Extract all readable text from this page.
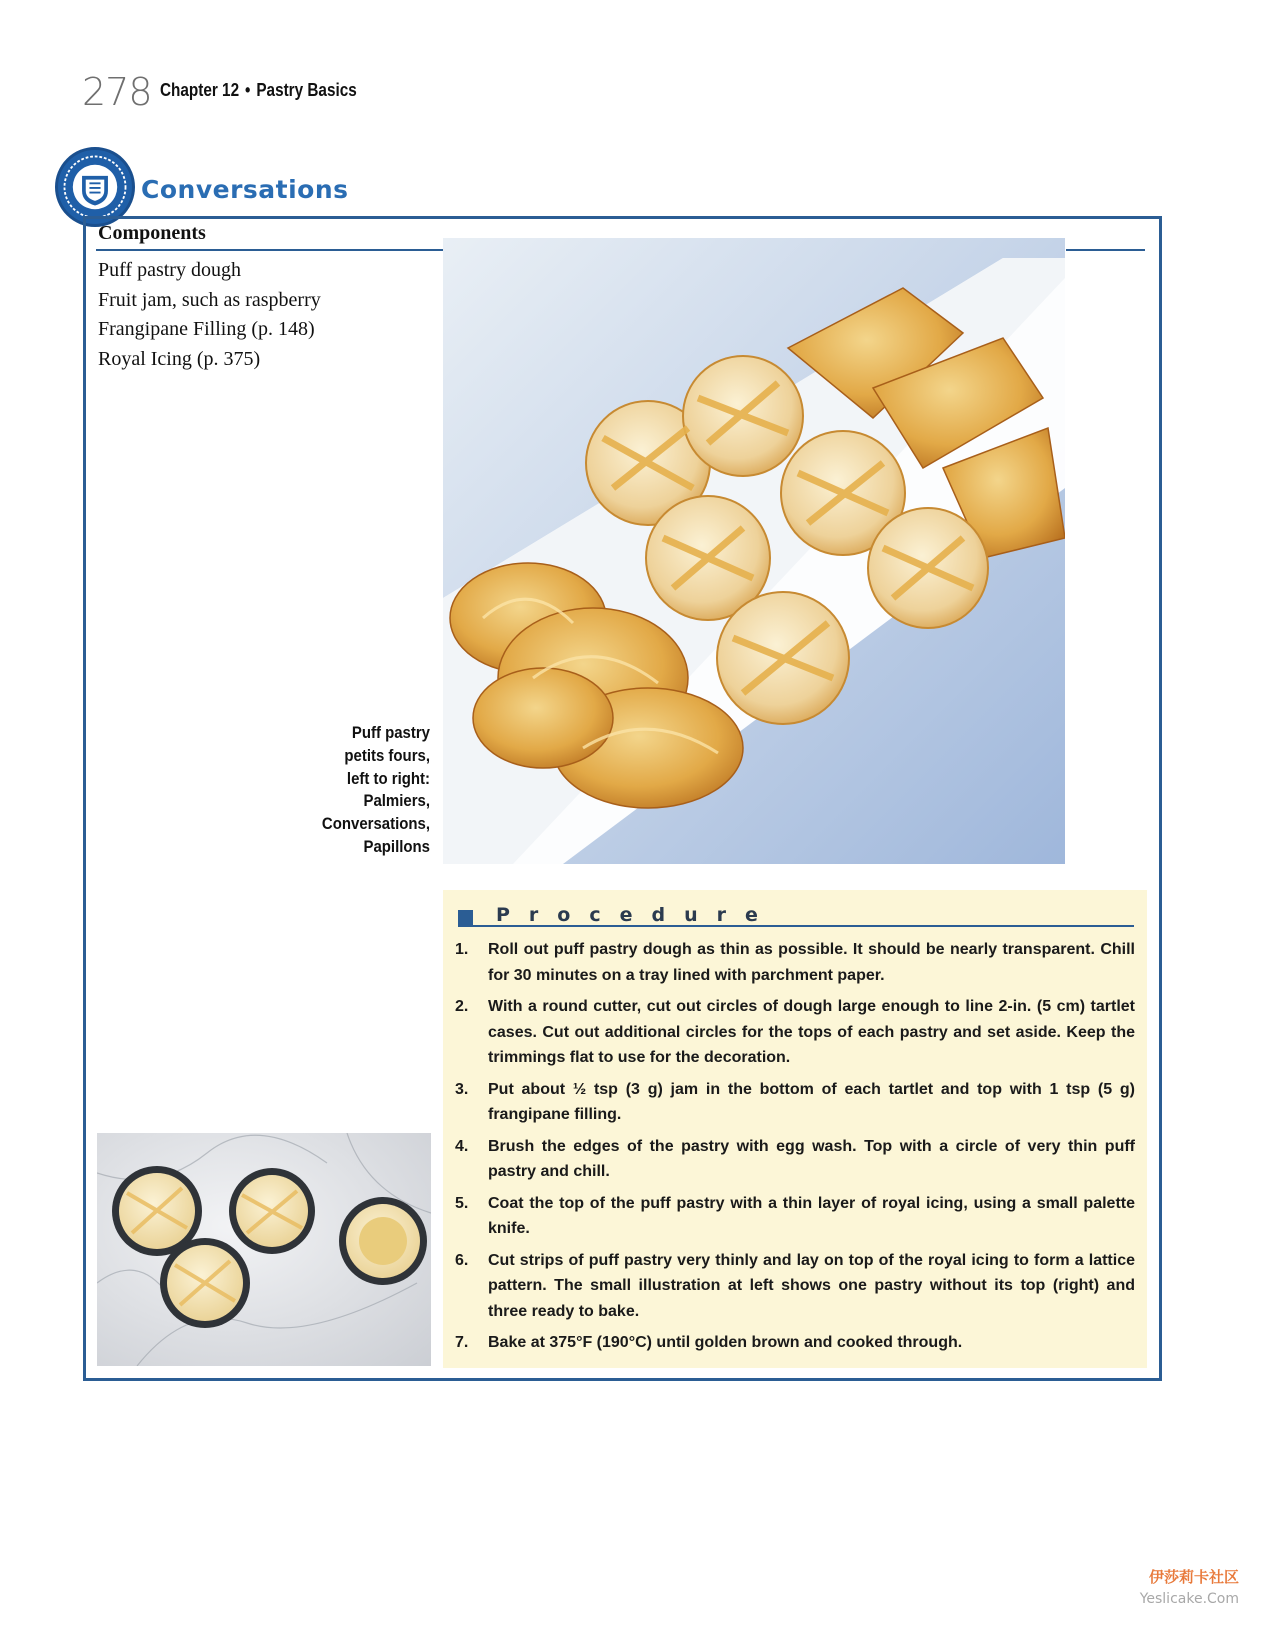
278 Chapter 12 • Pastry Basics
Conversations
Components
Puff pastry dough
Fruit jam, such as raspberry
Frangipane Filling (p. 148)
Royal Icing (p. 375)
Puff pastry
petits fours,
left to right:
Palmiers,
Conversations,
Papillons
Procedure
1. Roll out puff pastry dough as thin as possible. It should be nearly transparent. Chill for 30 minutes on a tray lined with parchment paper.
2. With a round cutter, cut out circles of dough large enough to line 2-in. (5 cm) tartlet cases. Cut out additional circles for the tops of each pastry and set aside. Keep the trimmings flat to use for the decoration.
3. Put about ½ tsp (3 g) jam in the bottom of each tartlet and top with 1 tsp (5 g) frangipane filling.
4. Brush the edges of the pastry with egg wash. Top with a circle of very thin puff pastry and chill.
5. Coat the top of the puff pastry with a thin layer of royal icing, using a small palette knife.
6. Cut strips of puff pastry very thinly and lay on top of the royal icing to form a lattice pattern. The small illustration at left shows one pastry without its top (right) and three ready to bake.
7. Bake at 375°F (190°C) until golden brown and cooked through.
伊莎莉卡社区
Yeslicake.Com
